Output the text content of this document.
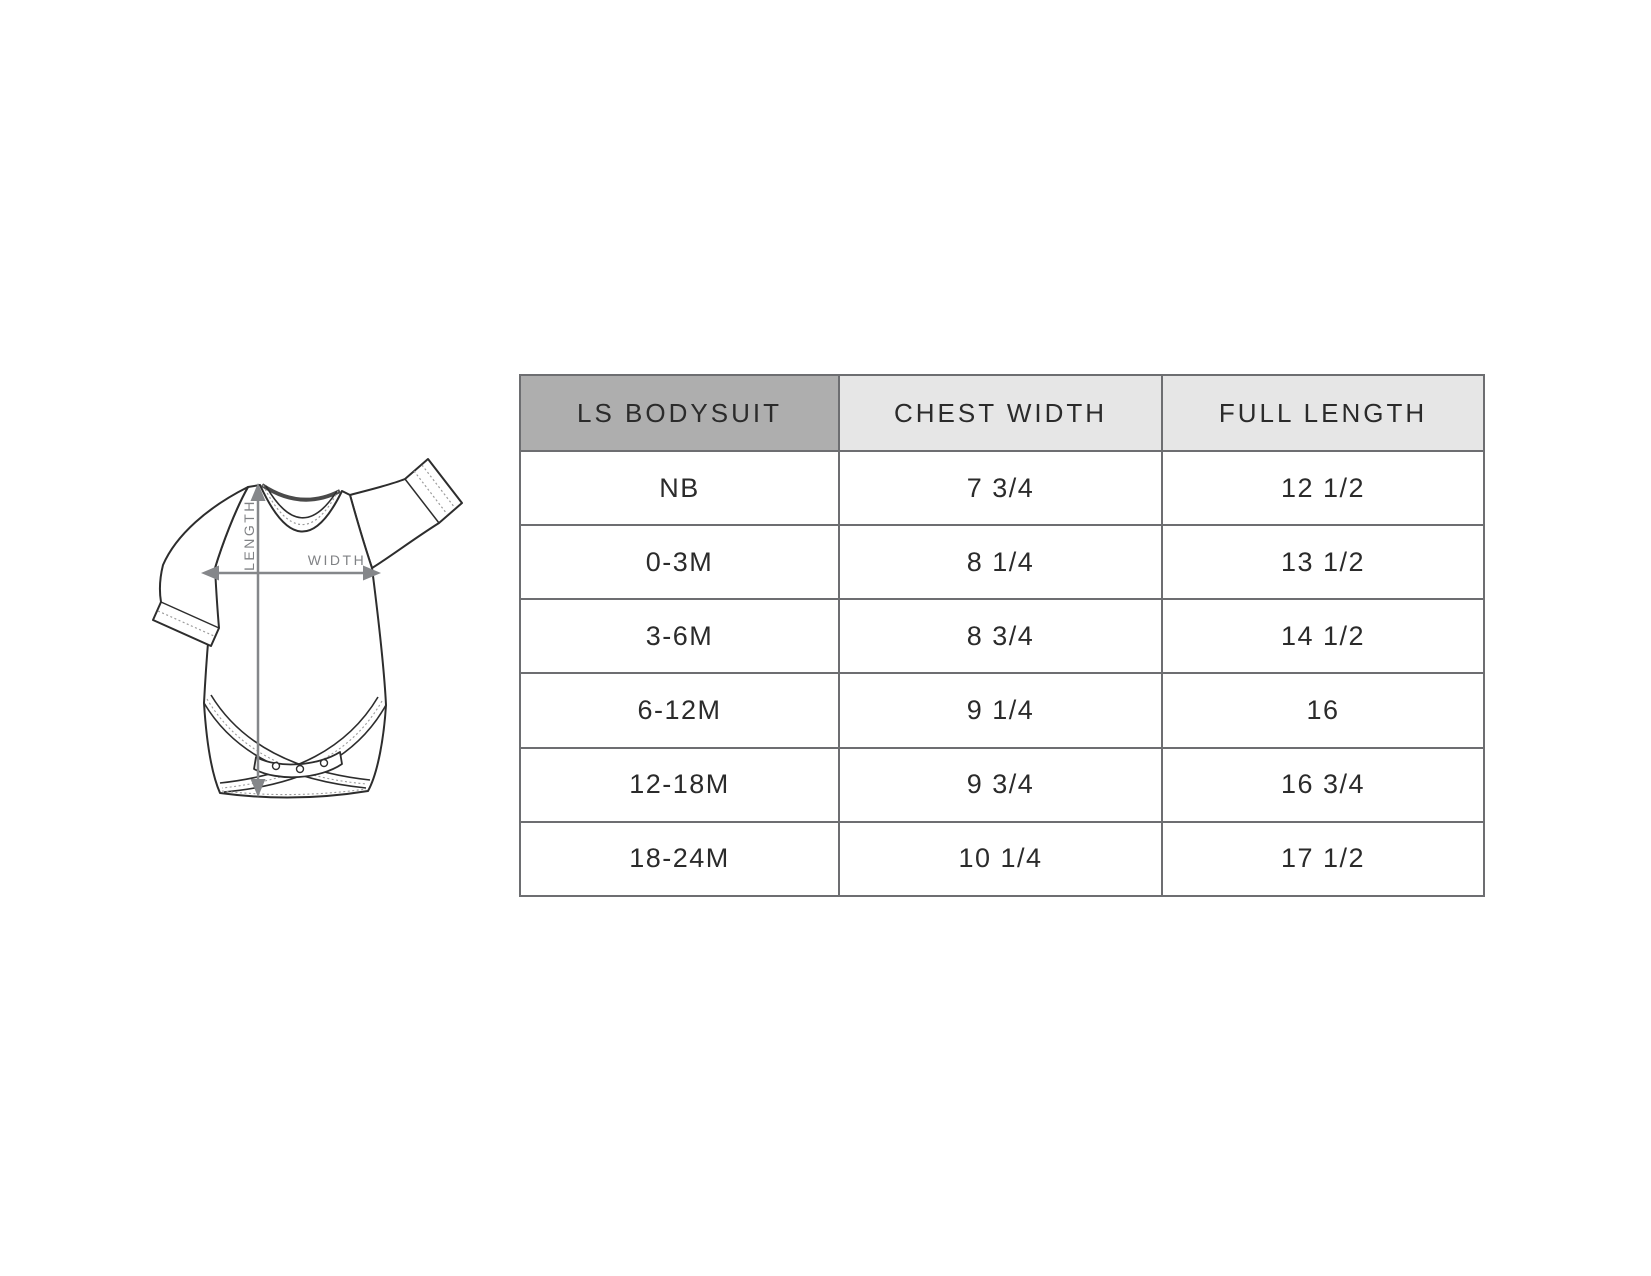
LENGTH	WIDTH
LS BODYSUIT	CHEST WIDTH	FULL LENGTH
NB	7 3/4	12 1/2
0-3M	8 1/4	13 1/2
3-6M	8 3/4	14 1/2
6-12M	9 1/4	16
12-18M	9 3/4	16 3/4
18-24M	10 1/4	17 1/2
